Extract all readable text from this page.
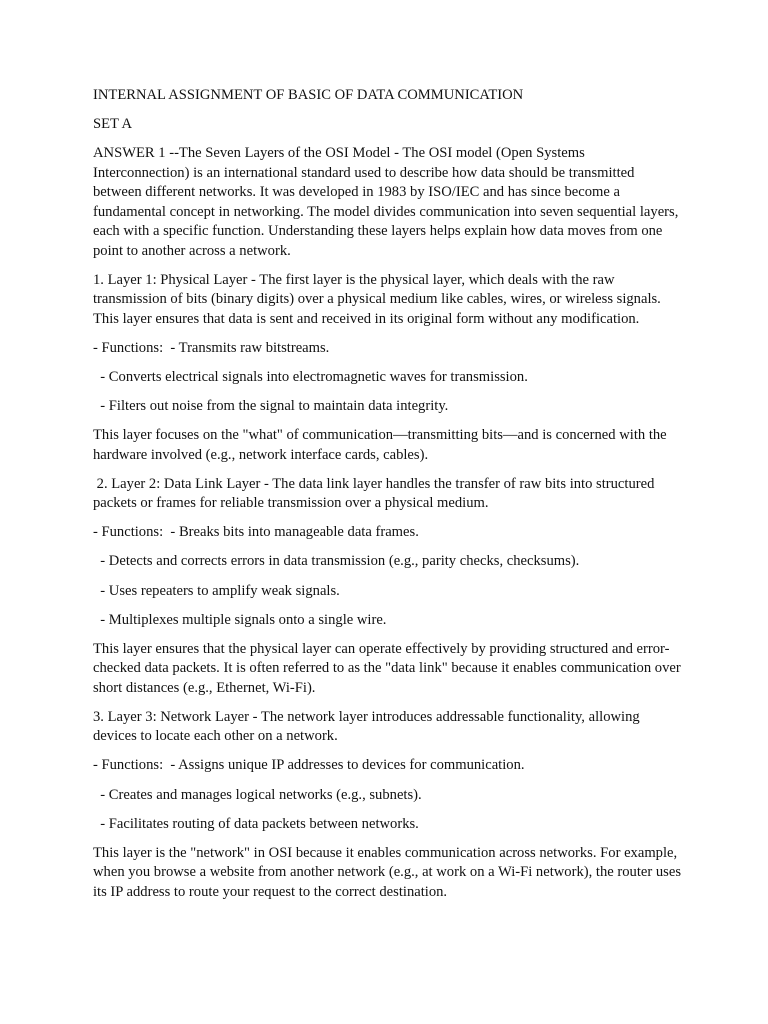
INTERNAL ASSIGNMENT OF BASIC OF DATA COMMUNICATION

SET A

ANSWER 1 --The Seven Layers of the OSI Model - The OSI model (Open Systems Interconnection) is an international standard used to describe how data should be transmitted between different networks. It was developed in 1983 by ISO/IEC and has since become a fundamental concept in networking. The model divides communication into seven sequential layers, each with a specific function. Understanding these layers helps explain how data moves from one point to another across a network.

1. Layer 1: Physical Layer - The first layer is the physical layer, which deals with the raw transmission of bits (binary digits) over a physical medium like cables, wires, or wireless signals. This layer ensures that data is sent and received in its original form without any modification.

- Functions:  - Transmits raw bitstreams.

- Converts electrical signals into electromagnetic waves for transmission.

- Filters out noise from the signal to maintain data integrity.

This layer focuses on the "what" of communication—transmitting bits—and is concerned with the hardware involved (e.g., network interface cards, cables).

2. Layer 2: Data Link Layer - The data link layer handles the transfer of raw bits into structured packets or frames for reliable transmission over a physical medium.

- Functions:  - Breaks bits into manageable data frames.

- Detects and corrects errors in data transmission (e.g., parity checks, checksums).

- Uses repeaters to amplify weak signals.

- Multiplexes multiple signals onto a single wire.

This layer ensures that the physical layer can operate effectively by providing structured and error-checked data packets. It is often referred to as the "data link" because it enables communication over short distances (e.g., Ethernet, Wi-Fi).

3. Layer 3: Network Layer - The network layer introduces addressable functionality, allowing devices to locate each other on a network.

- Functions:  - Assigns unique IP addresses to devices for communication.

- Creates and manages logical networks (e.g., subnets).

- Facilitates routing of data packets between networks.

This layer is the "network" in OSI because it enables communication across networks. For example, when you browse a website from another network (e.g., at work on a Wi-Fi network), the router uses its IP address to route your request to the correct destination.
